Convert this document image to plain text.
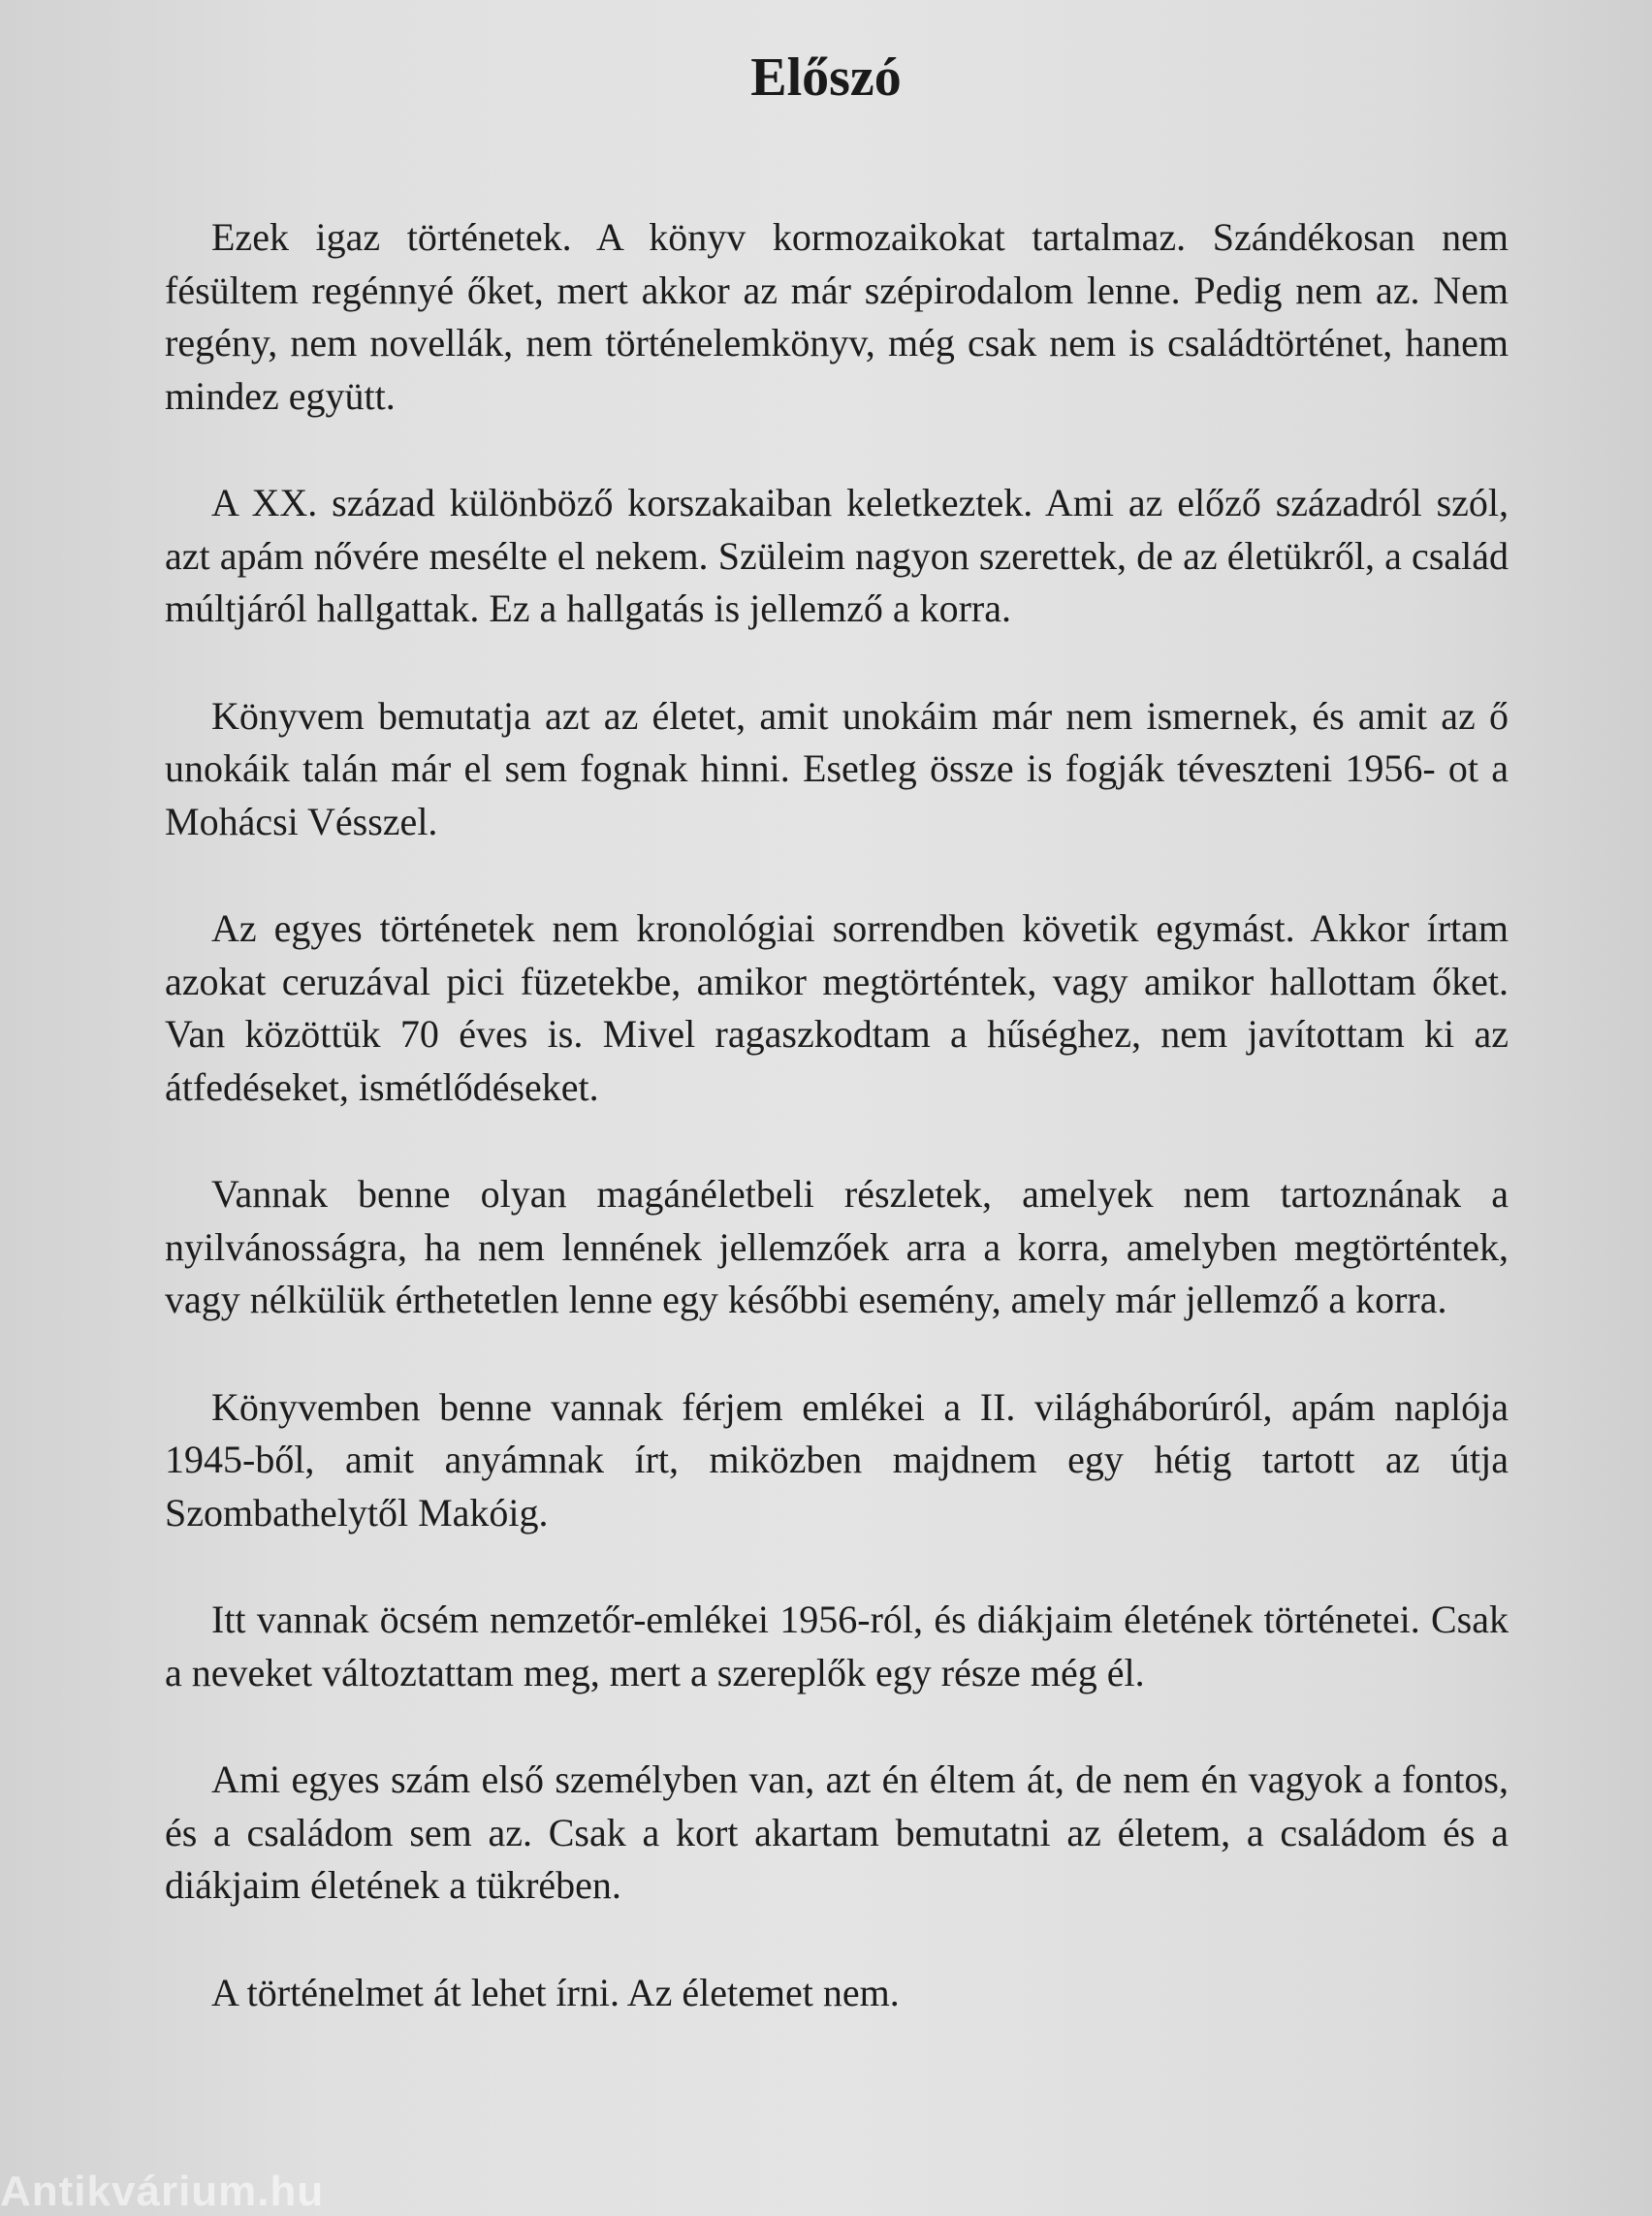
Előszó

Ezek igaz történetek. A könyv kormozaikokat tartalmaz. Szándékosan nem fésültem regénnyé őket, mert akkor az már szépirodalom lenne. Pedig nem az. Nem regény, nem novellák, nem történelemkönyv, még csak nem is családtörténet, hanem mindez együtt.

A XX. század különböző korszakaiban keletkeztek. Ami az előző századról szól, azt apám nővére mesélte el nekem. Szüleim nagyon szerettek, de az életükről, a család múltjáról hallgattak. Ez a hallgatás is jellemző a korra.

Könyvem bemutatja azt az életet, amit unokáim már nem ismernek, és amit az ő unokáik talán már el sem fognak hinni. Esetleg össze is fogják téveszteni 1956- ot a Mohácsi Vésszel.

Az egyes történetek nem kronológiai sorrendben követik egymást. Akkor írtam azokat ceruzával pici füzetekbe, amikor megtörténtek, vagy amikor hallottam őket. Van közöttük 70 éves is. Mivel ragaszkodtam a hűséghez, nem javítottam ki az átfedéseket, ismétlődéseket.

Vannak benne olyan magánéletbeli részletek, amelyek nem tartoznának a nyilvánosságra, ha nem lennének jellemzőek arra a korra, amelyben megtörténtek, vagy nélkülük érthetetlen lenne egy későbbi esemény, amely már jellemző a korra.

Könyvemben benne vannak férjem emlékei a II. világháborúról, apám naplója 1945-ből, amit anyámnak írt, miközben majdnem egy hétig tartott az útja Szombathelytől Makóig.

Itt vannak öcsém nemzetőr-emlékei 1956-ról, és diákjaim életének történetei. Csak a neveket változtattam meg, mert a szereplők egy része még él.

Ami egyes szám első személyben van, azt én éltem át, de nem én vagyok a fontos, és a családom sem az. Csak a kort akartam bemutatni az életem, a családom és a diákjaim életének a tükrében.

A történelmet át lehet írni. Az életemet nem.

Antikvárium.hu
